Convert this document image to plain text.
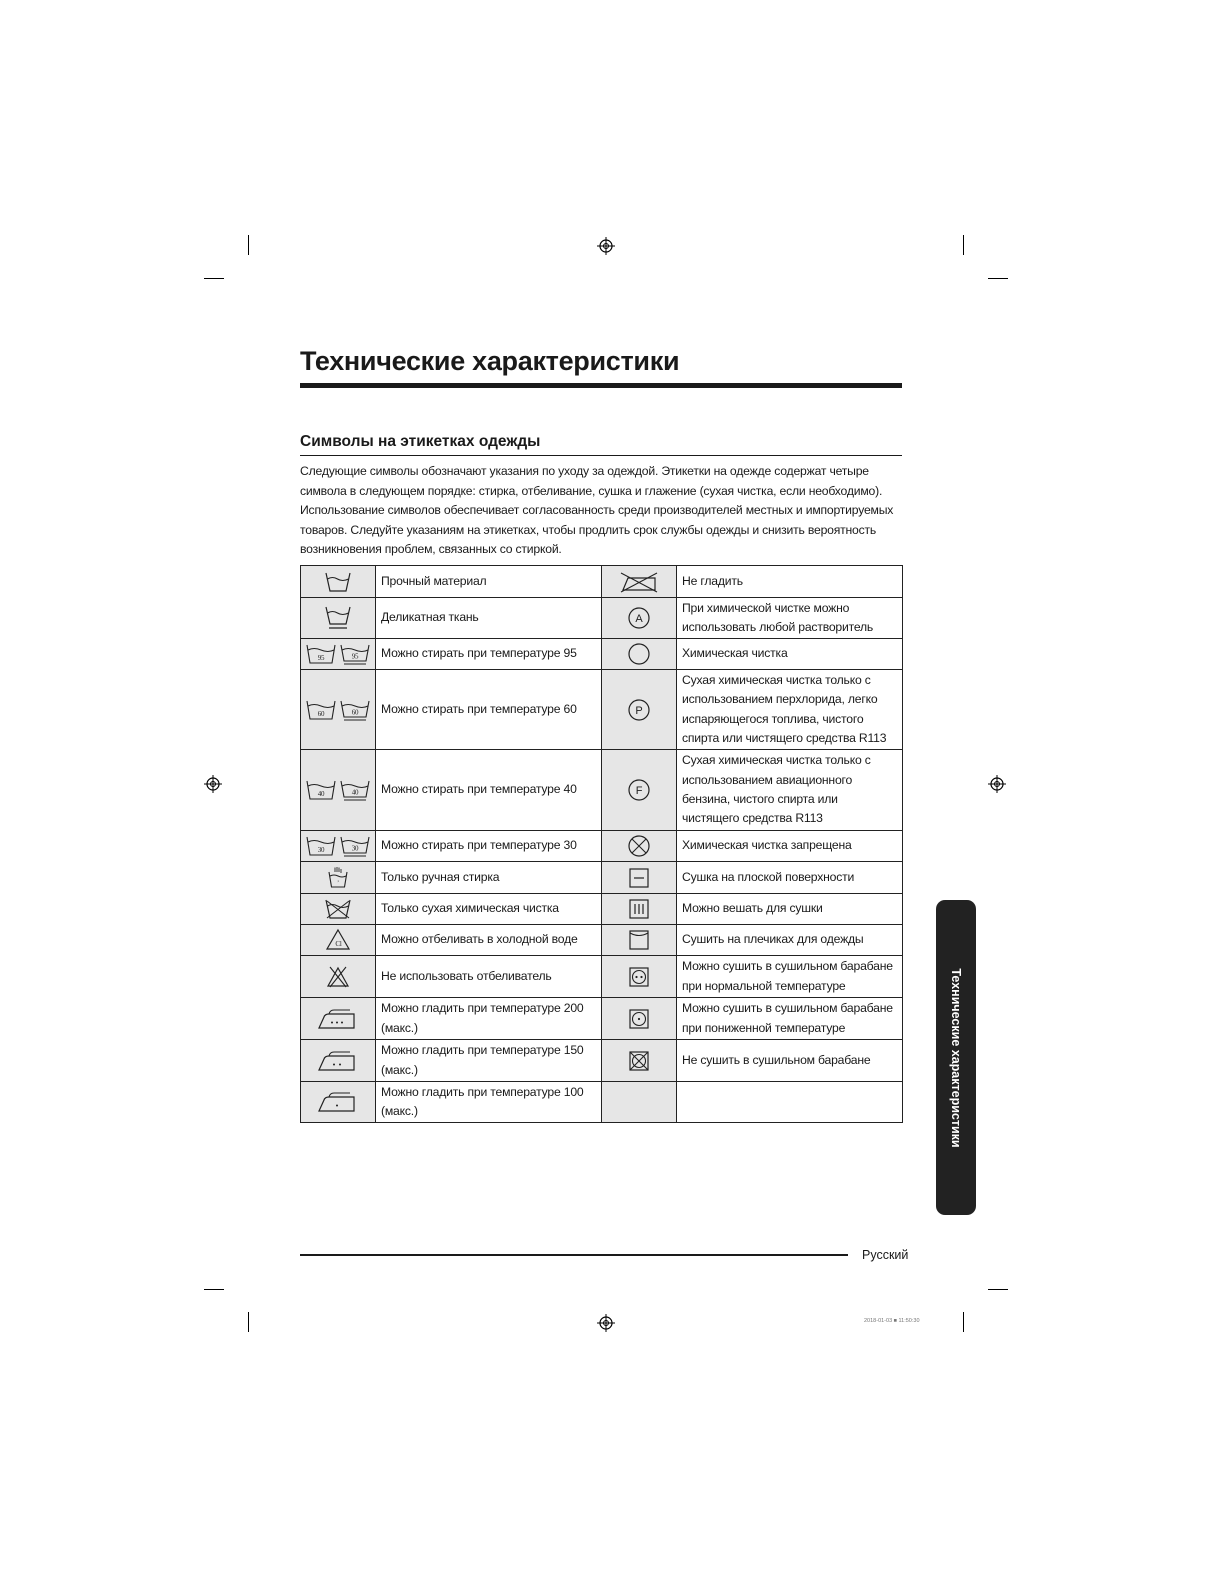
Технические характеристики
Символы на этикетках одежды
Следующие символы обозначают указания по уходу за одеждой. Этикетки на одежде содержат четыре символа в следующем порядке: стирка, отбеливание, сушка и глажение (сухая чистка, если необходимо). Использование символов обеспечивает согласованность среди производителей местных и импортируемых товаров. Следуйте указаниям на этикетках, чтобы продлить срок службы одежды и снизить вероятность возникновения проблем, связанных со стиркой.
	Прочный материал		Не гладить
	Деликатная ткань	A	При химической чистке можно использовать любой растворитель

95 95	Можно стирать при температуре 95		Химическая чистка

60 60	Можно стирать при температуре 60	P	Сухая химическая чистка только с использованием перхлорида, легко испаряющегося топлива, чистого спирта или чистящего средства R113

40 40	Можно стирать при температуре 40	F	Сухая химическая чистка только с использованием авиационного бензина, чистого спирта или чистящего средства R113

30 30	Можно стирать при температуре 30		Химическая чистка запрещена

ʼ	Только ручная стирка		Сушка на плоской поверхности
	Только сухая химическая чистка		Можно вешать для сушки

Cl	Можно отбеливать в холодной воде		Сушить на плечиках для одежды
	Не использовать отбеливатель		Можно сушить в сушильном барабане при нормальной температуре
	Можно гладить при температуре 200 (макс.)		Можно сушить в сушильном барабане при пониженной температуре
	Можно гладить при температуре 150 (макс.)		Не сушить в сушильном барабане
	Можно гладить при температуре 100 (макс.)			Технические характеристики
Русский
2018-01-03 ■ 11:50:30
